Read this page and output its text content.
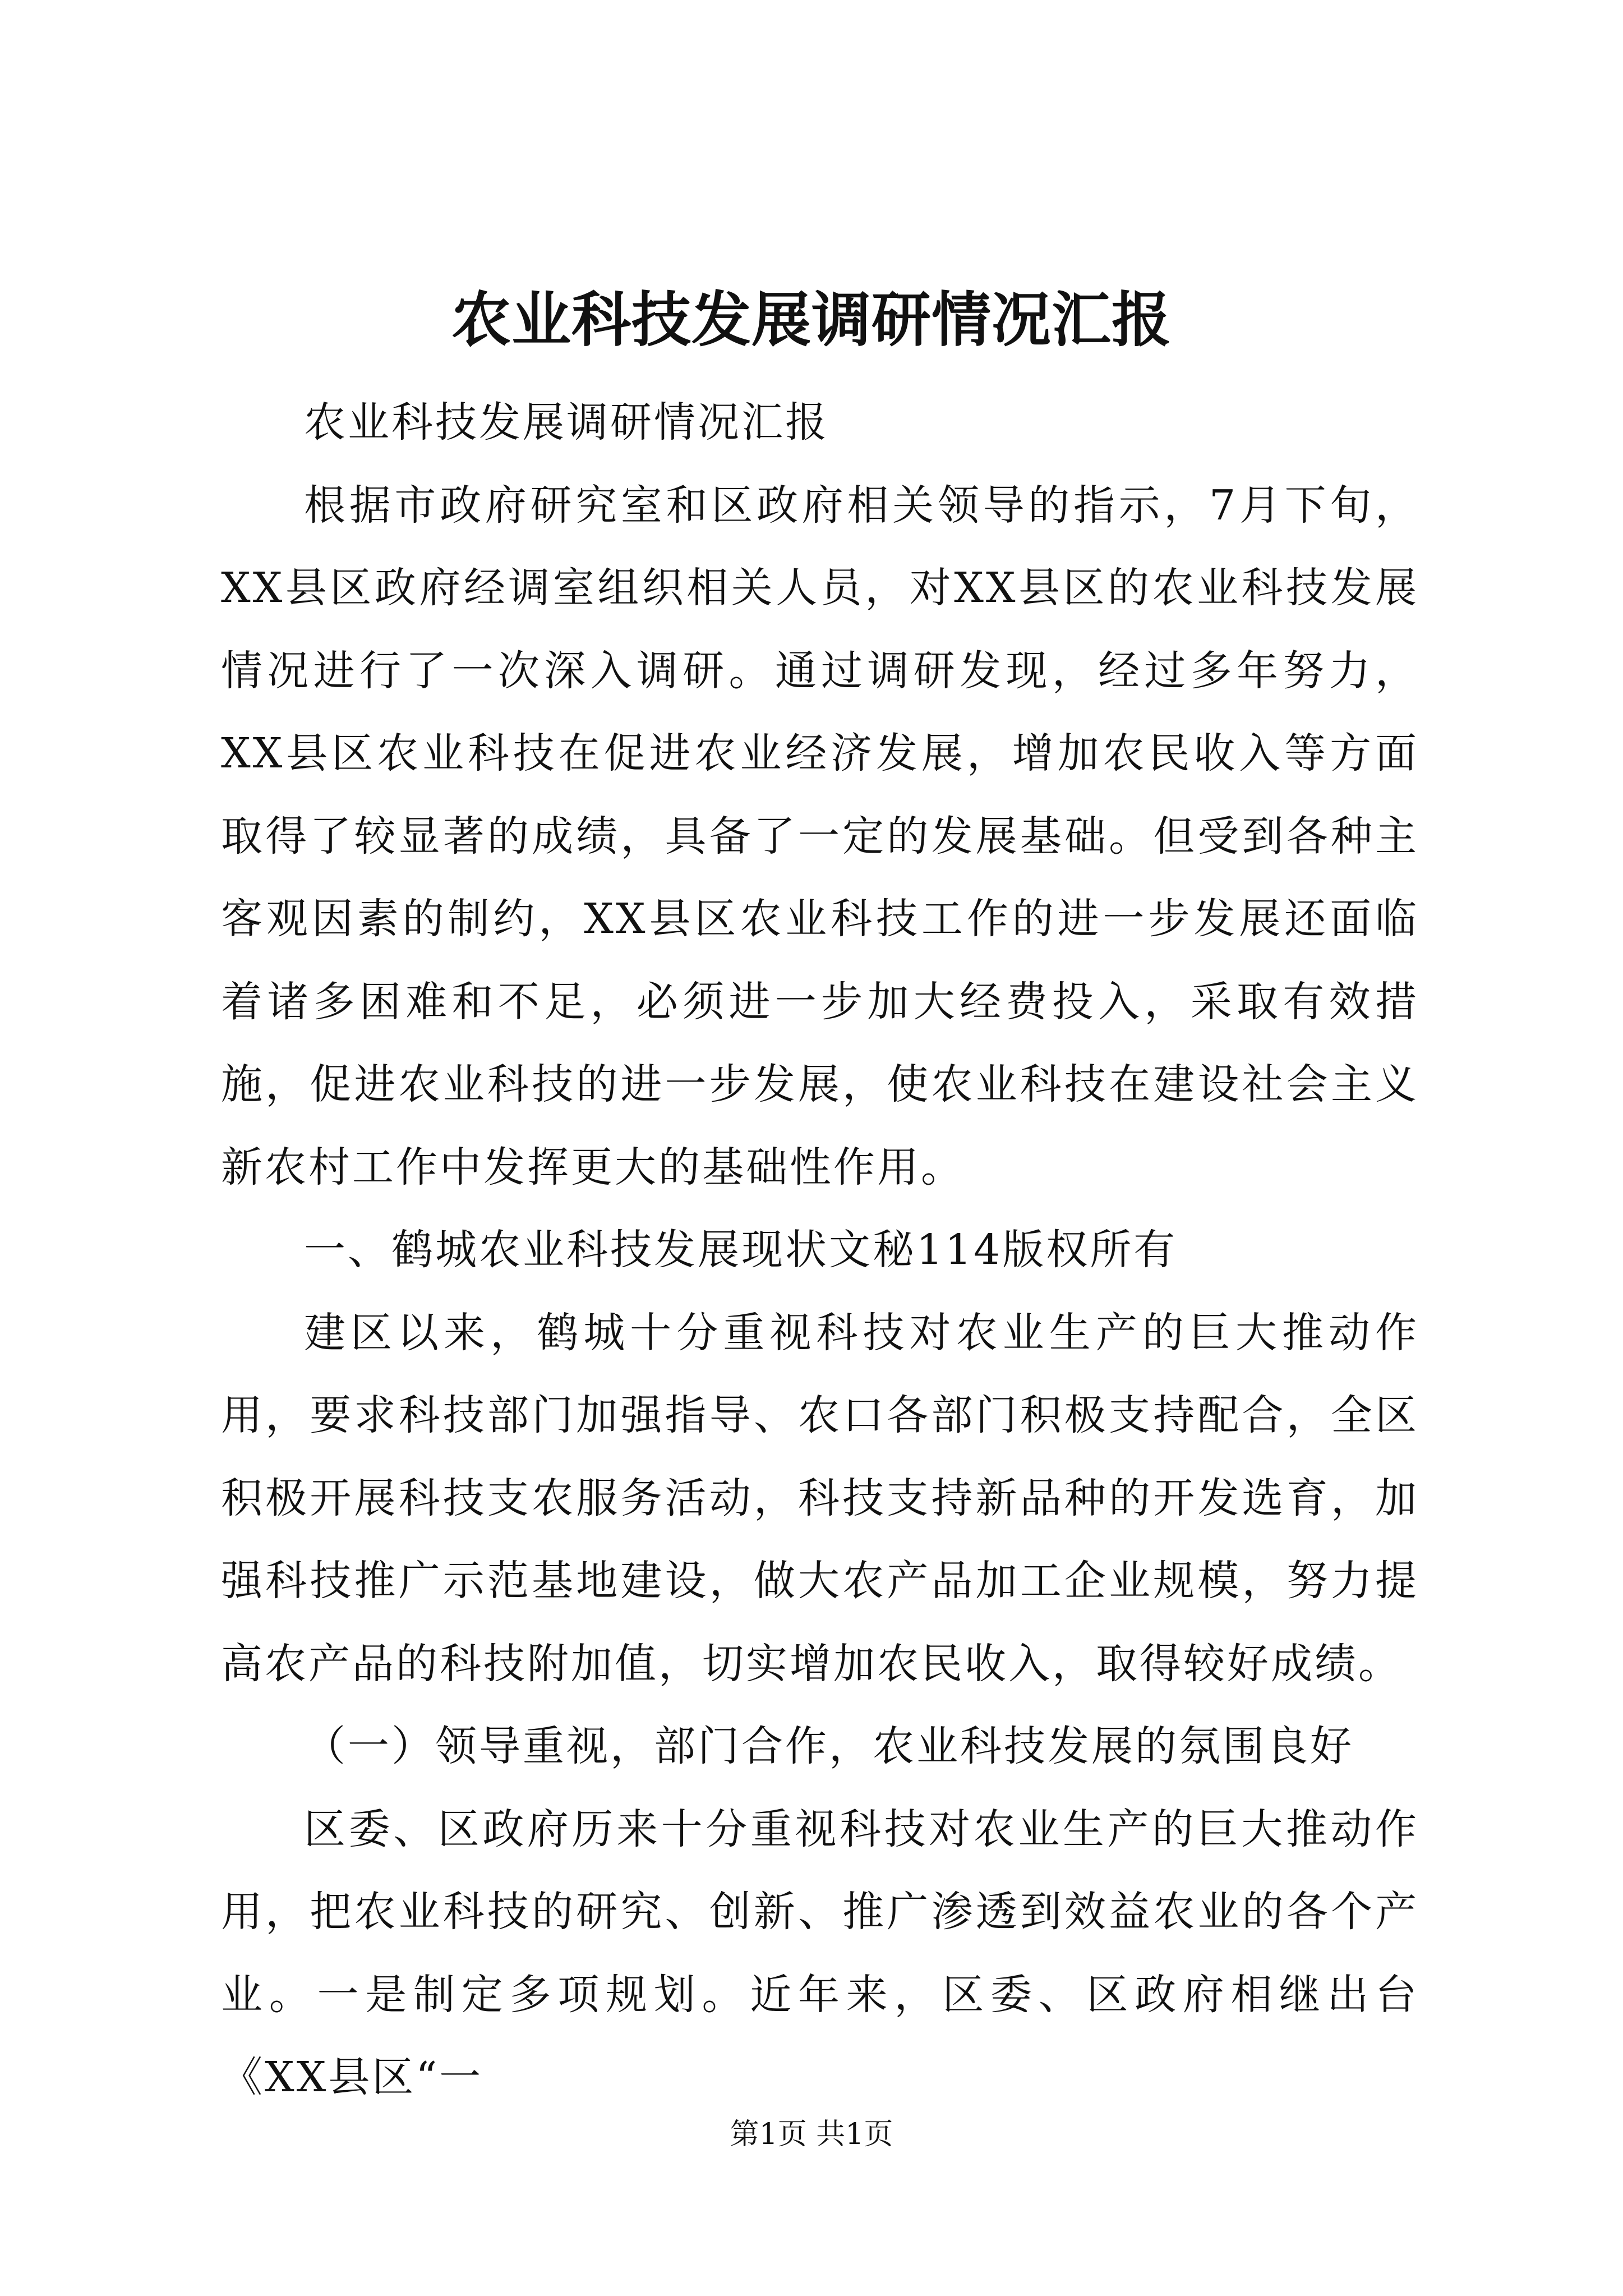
农业科技发展调研情况汇报

农业科技发展调研情况汇报

根据市政府研究室和区政府相关领导的指示，7月下旬，XX县区政府经调室组织相关人员，对XX县区的农业科技发展情况进行了一次深入调研。通过调研发现，经过多年努力，XX县区农业科技在促进农业经济发展，增加农民收入等方面取得了较显著的成绩，具备了一定的发展基础。但受到各种主客观因素的制约，XX县区农业科技工作的进一步发展还面临着诸多困难和不足，必须进一步加大经费投入，采取有效措施，促进农业科技的进一步发展，使农业科技在建设社会主义新农村工作中发挥更大的基础性作用。

一、鹤城农业科技发展现状文秘114版权所有

建区以来，鹤城十分重视科技对农业生产的巨大推动作用，要求科技部门加强指导、农口各部门积极支持配合，全区积极开展科技支农服务活动，科技支持新品种的开发选育，加强科技推广示范基地建设，做大农产品加工企业规模，努力提高农产品的科技附加值，切实增加农民收入，取得较好成绩。

（一）领导重视，部门合作，农业科技发展的氛围良好

区委、区政府历来十分重视科技对农业生产的巨大推动作用，把农业科技的研究、创新、推广渗透到效益农业的各个产业。一是制定多项规划。近年来，区委、区政府相继出台《XX县区“一

第1页 共1页
